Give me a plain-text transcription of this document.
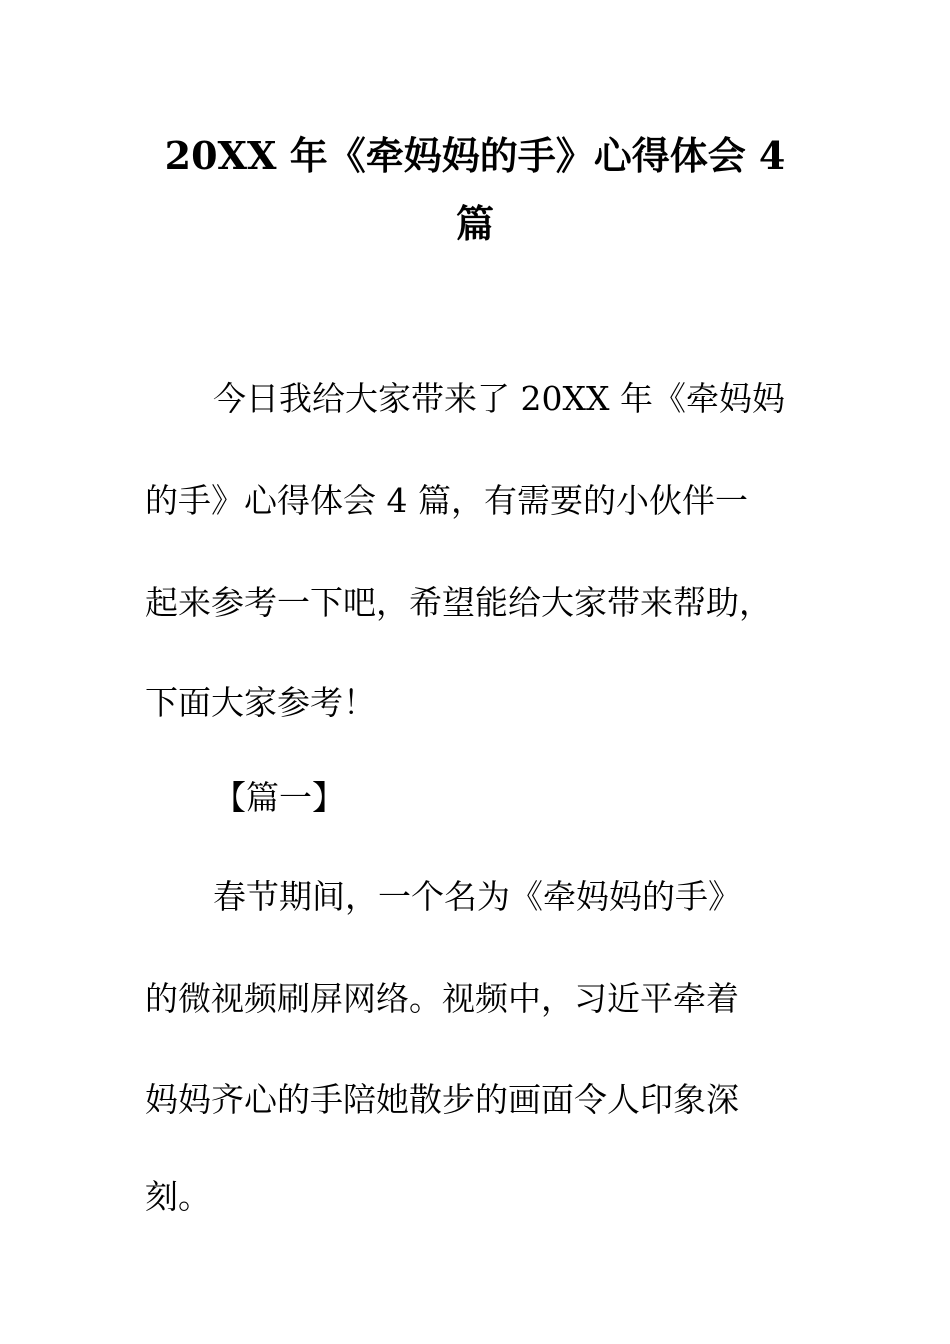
20XX 年《牵妈妈的手》心得体会 4
篇
今日我给大家带来了 20XX 年《牵妈妈
的手》心得体会 4 篇，有需要的小伙伴一
起来参考一下吧，希望能给大家带来帮助，
下面大家参考！
【篇一】
春节期间，一个名为《牵妈妈的手》
的微视频刷屏网络。视频中，习近平牵着
妈妈齐心的手陪她散步的画面令人印象深
刻。
